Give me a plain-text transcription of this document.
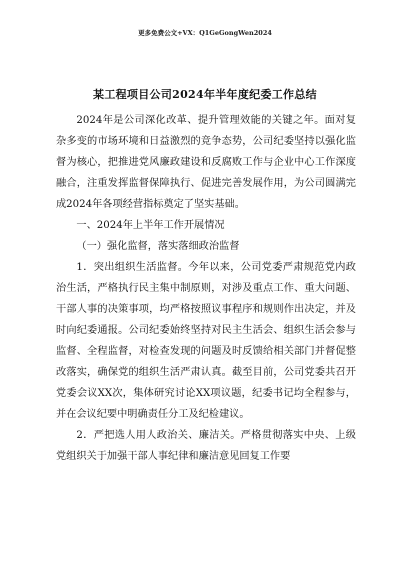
更多免费公文+VX：Q1GeGongWen2024
某工程项目公司2024年半年度纪委工作总结

2024年是公司深化改革、提升管理效能的关键之年。面对复杂多变的市场环境和日益激烈的竞争态势，公司纪委坚持以强化监督为核心，把推进党风廉政建设和反腐败工作与企业中心工作深度融合，注重发挥监督保障执行、促进完善发展作用，为公司圆满完成2024年各项经营指标奠定了坚实基础。

一、2024年上半年工作开展情况

（一）强化监督，落实落细政治监督

1．突出组织生活监督。今年以来，公司党委严肃规范党内政治生活，严格执行民主集中制原则，对涉及重点工作、重大问题、干部人事的决策事项，均严格按照议事程序和规则作出决定，并及时向纪委通报。公司纪委始终坚持对民主生活会、组织生活会参与监督、全程监督，对检查发现的问题及时反馈给相关部门并督促整改落实，确保党的组织生活严肃认真。截至目前，公司党委共召开党委会议XX次，集体研究讨论XX项议题，纪委书记均全程参与，并在会议纪要中明确责任分工及纪检建议。

2．严把选人用人政治关、廉洁关。严格贯彻落实中央、上级党组织关于加强干部人事纪律和廉洁意见回复工作要
